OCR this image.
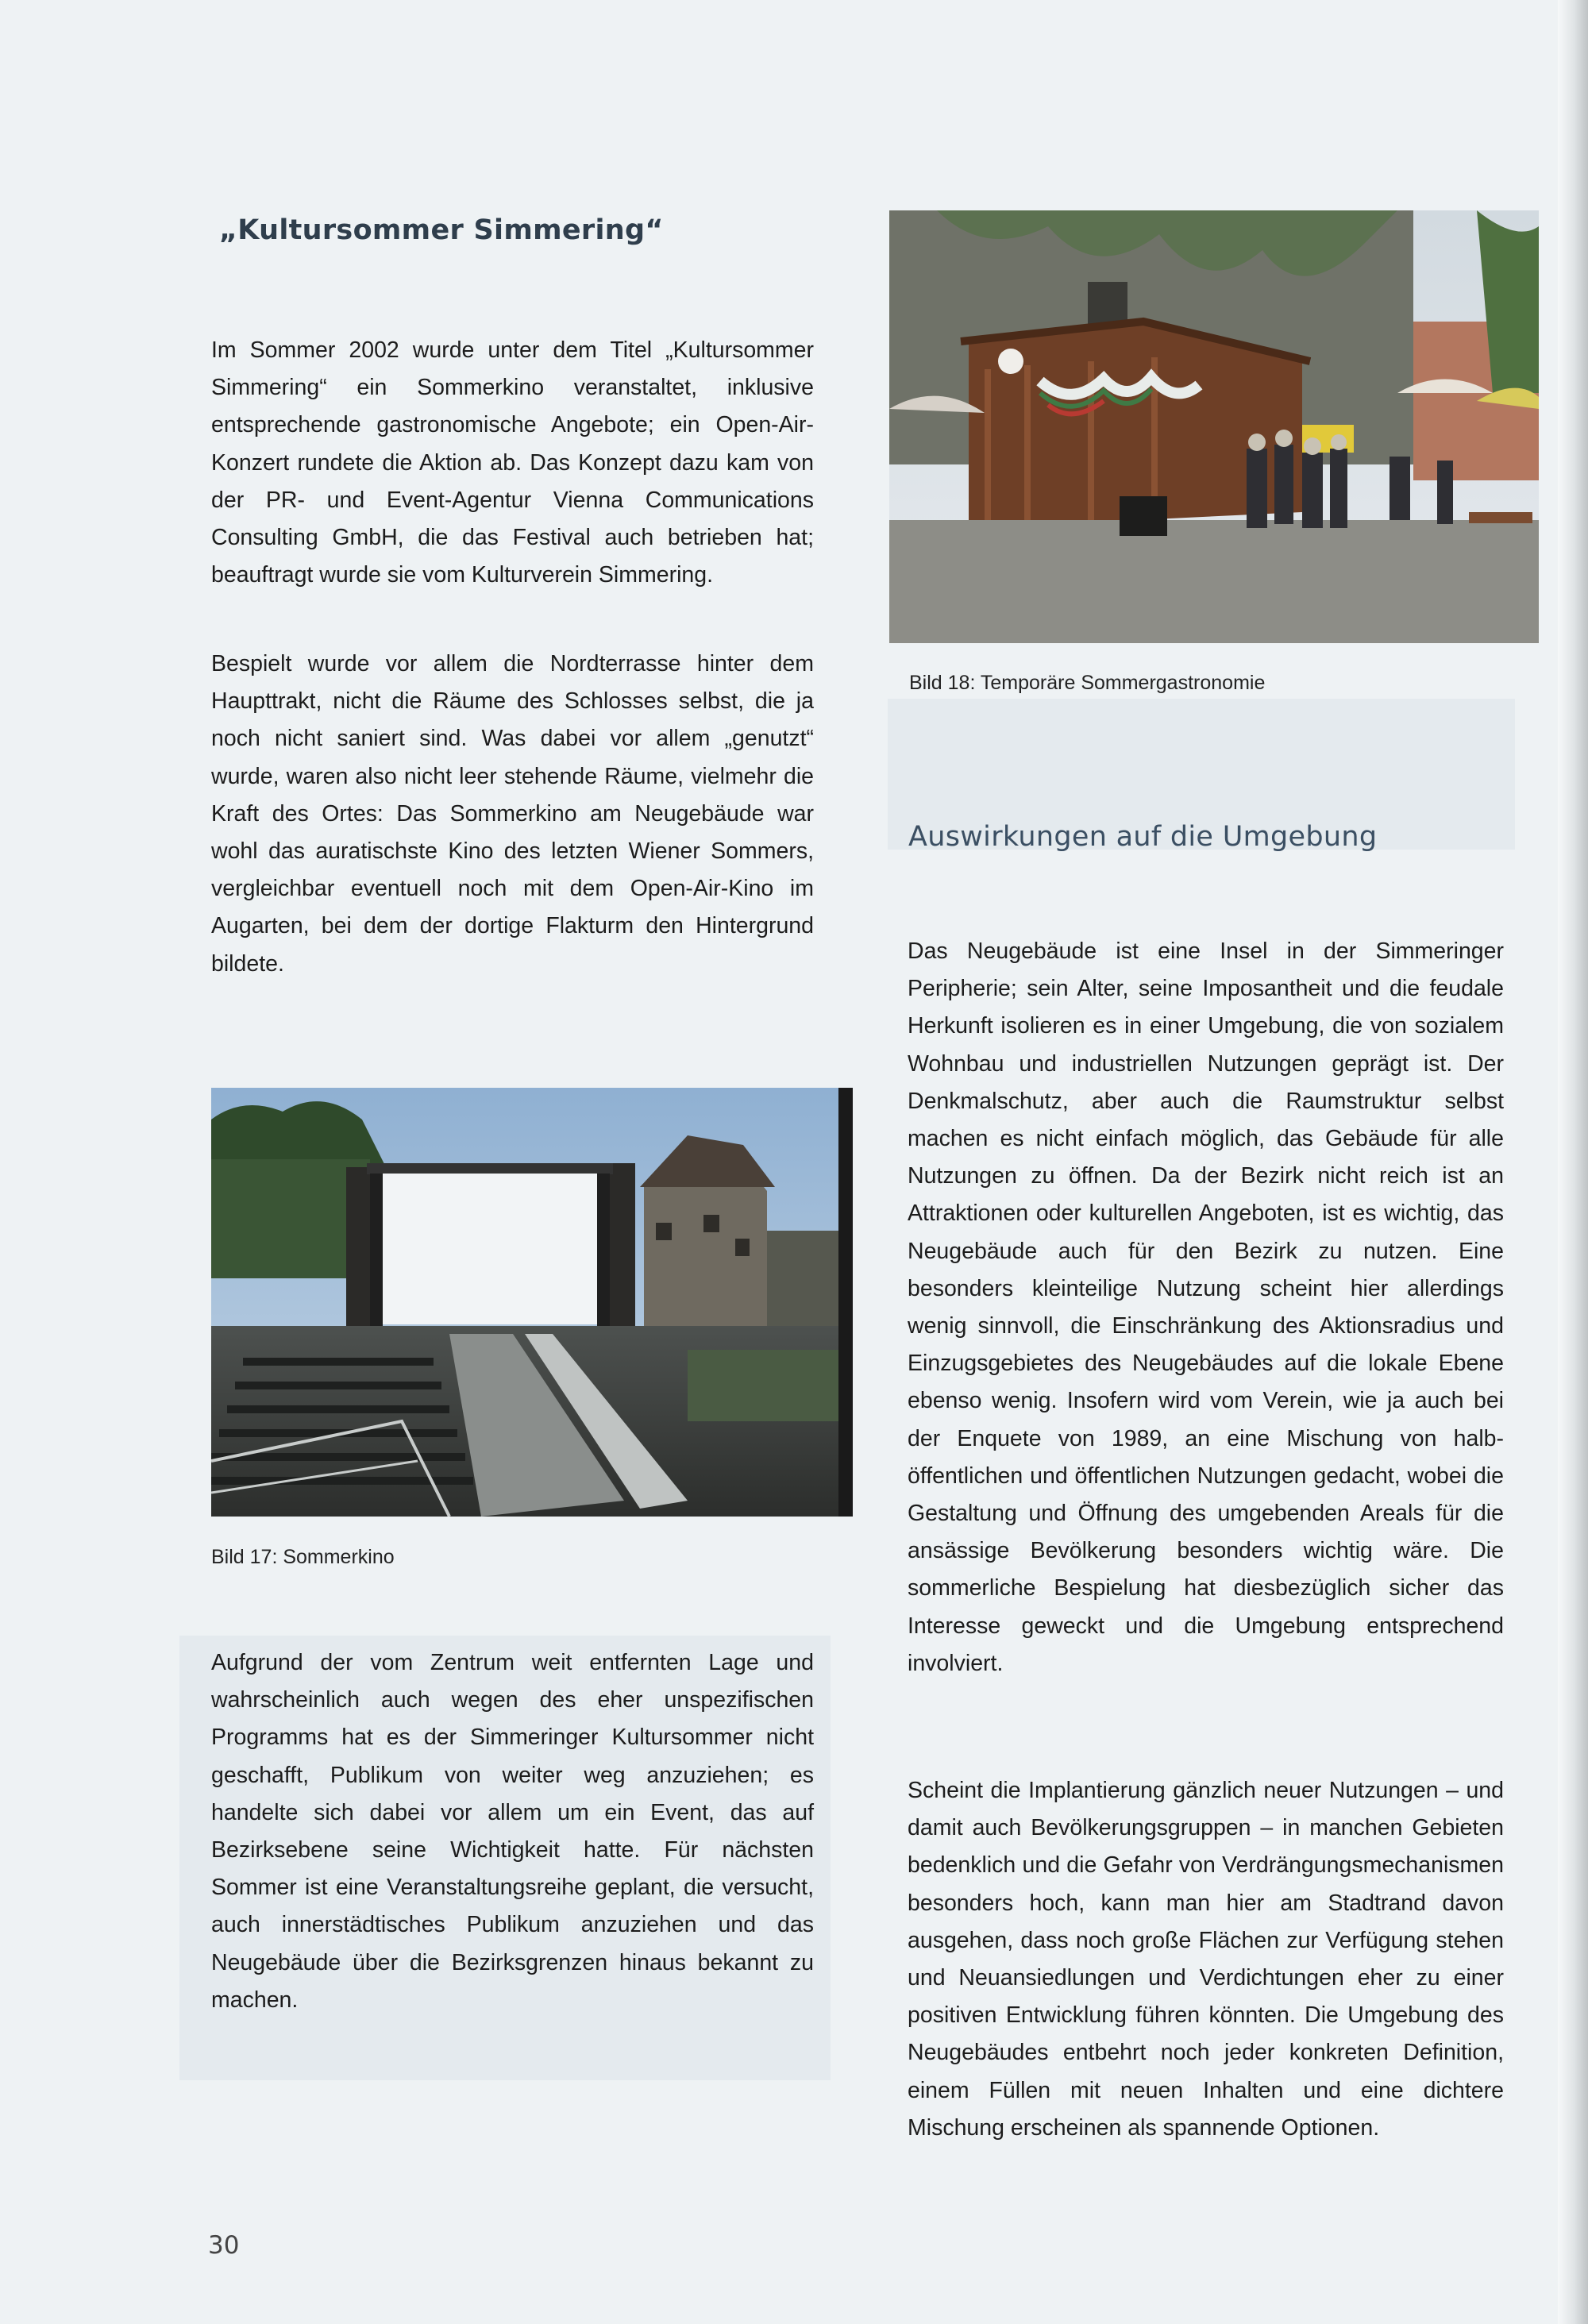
„Kultursommer Simmering“

Im Sommer 2002 wurde unter dem Titel „Kultursommer Simmering“ ein Sommerkino veranstaltet, inklusive entsprechende gastronomische Angebote; ein Open-Air-Konzert rundete die Aktion ab. Das Konzept dazu kam von der PR- und Event-Agentur Vienna Communications Consulting GmbH, die das Festival auch betrieben hat; beauftragt wurde sie vom Kulturverein Simmering.

Bespielt wurde vor allem die Nordterrasse hinter dem Haupttrakt, nicht die Räume des Schlosses selbst, die ja noch nicht saniert sind. Was dabei vor allem „genutzt“ wurde, waren also nicht leer stehende Räume, vielmehr die Kraft des Ortes: Das Sommerkino am Neugebäude war wohl das auratischste Kino des letzten Wiener Sommers, vergleichbar eventuell noch mit dem Open-Air-Kino im Augarten, bei dem der dortige Flakturm den Hintergrund bildete.

Bild 17: Sommerkino

Aufgrund der vom Zentrum weit entfernten Lage und wahrscheinlich auch wegen des eher unspezifischen Programms hat es der Simmeringer Kultursommer nicht geschafft, Publikum von weiter weg anzuziehen; es handelte sich dabei vor allem um ein Event, das auf Bezirksebene seine Wichtigkeit hatte. Für nächsten Sommer ist eine Veranstaltungsreihe geplant, die versucht, auch innerstädtisches Publikum anzuziehen und das Neugebäude über die Bezirksgrenzen hinaus bekannt zu machen.

30

Bild 18: Temporäre Sommergastronomie

Auswirkungen auf die Umgebung

Das Neugebäude ist eine Insel in der Simmeringer Peripherie; sein Alter, seine Imposantheit und die feudale Herkunft isolieren es in einer Umgebung, die von sozialem Wohnbau und industriellen Nutzungen geprägt ist. Der Denkmalschutz, aber auch die Raumstruktur selbst machen es nicht einfach möglich, das Gebäude für alle Nutzungen zu öffnen. Da der Bezirk nicht reich ist an Attraktionen oder kulturellen Angeboten, ist es wichtig, das Neugebäude auch für den Bezirk zu nutzen. Eine besonders kleinteilige Nutzung scheint hier allerdings wenig sinnvoll, die Einschränkung des Aktionsradius und Einzugsgebietes des Neugebäudes auf die lokale Ebene ebenso wenig. Insofern wird vom Verein, wie ja auch bei der Enquete von 1989, an eine Mischung von halb-öffentlichen und öffentlichen Nutzungen gedacht, wobei die Gestaltung und Öffnung des umgebenden Areals für die ansässige Bevölkerung besonders wichtig wäre. Die sommerliche Bespielung hat diesbezüglich sicher das Interesse geweckt und die Umgebung entsprechend involviert.

Scheint die Implantierung gänzlich neuer Nutzungen – und damit auch Bevölkerungsgruppen – in manchen Gebieten bedenklich und die Gefahr von Verdrängungsmechanismen besonders hoch, kann man hier am Stadtrand davon ausgehen, dass noch große Flächen zur Verfügung stehen und Neuansiedlungen und Verdichtungen eher zu einer positiven Entwicklung führen könnten. Die Umgebung des Neugebäudes entbehrt noch jeder konkreten Definition, einem Füllen mit neuen Inhalten und eine dichtere Mischung erscheinen als spannende Optionen.
